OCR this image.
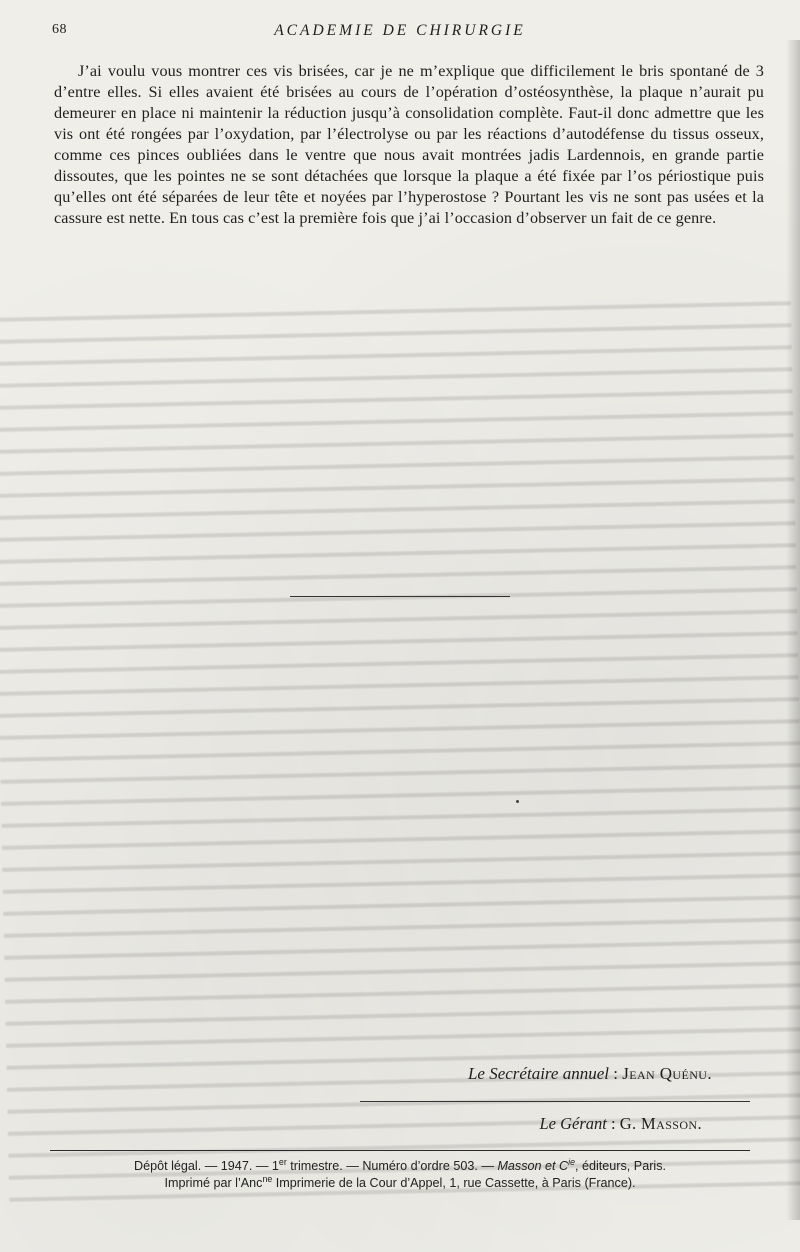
68	ACADEMIE DE CHIRURGIE

J’ai voulu vous montrer ces vis brisées, car je ne m’explique que difficilement le bris spontané de 3 d’entre elles. Si elles avaient été brisées au cours de l’opération d’ostéosynthèse, la plaque n’aurait pu demeurer en place ni maintenir la réduction jusqu’à consolidation complète. Faut-il donc admettre que les vis ont été rongées par l’oxydation, par l’électrolyse ou par les réactions d’autodéfense du tissus osseux, comme ces pinces oubliées dans le ventre que nous avait montrées jadis Lardennois, en grande partie dissoutes, que les pointes ne se sont détachées que lorsque la plaque a été fixée par l’os périostique puis qu’elles ont été séparées de leur tête et noyées par l’hyperostose ? Pourtant les vis ne sont pas usées et la cassure est nette. En tous cas c’est la première fois que j’ai l’occasion d’observer un fait de ce genre.

Le Secrétaire annuel : Jean Quénu.
Le Gérant : G. Masson.
Dépôt légal. — 1947. — 1er trimestre. — Numéro d’ordre 503. — Masson et $C^{ie}$, éditeurs, Paris.
Imprimé par l’Anc$^{ne}$ Imprimerie de la Cour d’Appel, 1, rue Cassette, à Paris (France).
